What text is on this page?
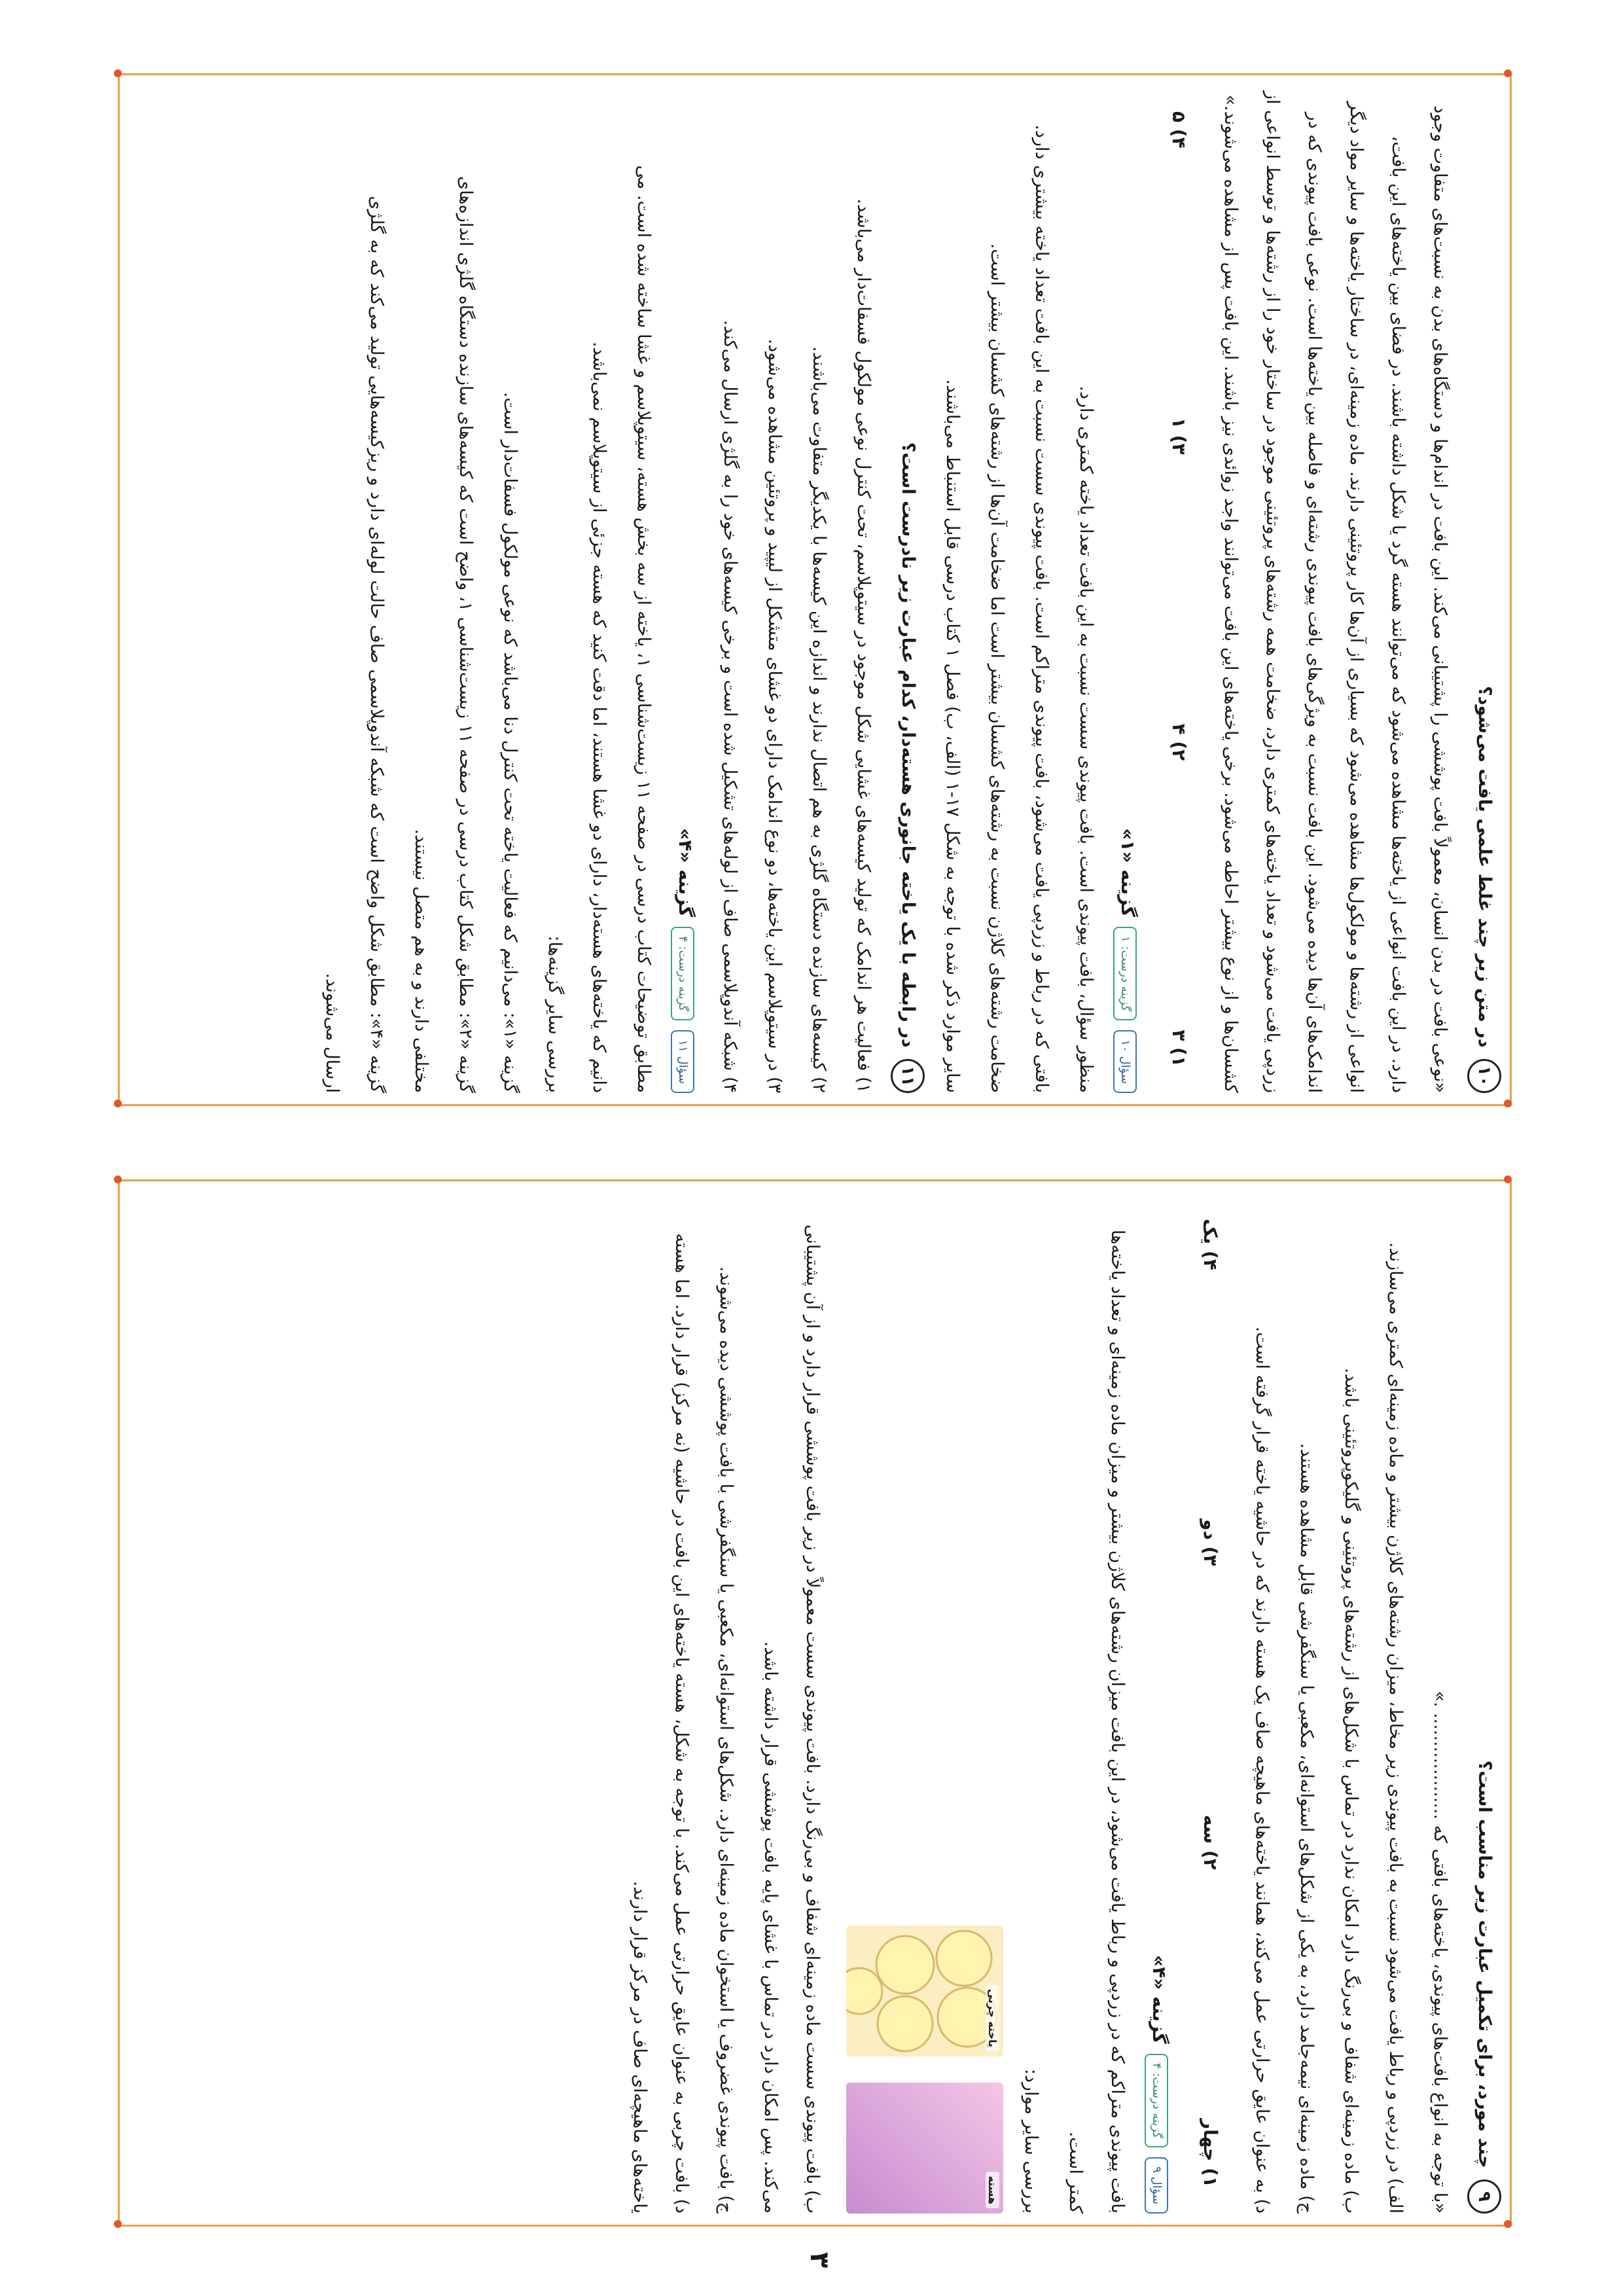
۱۰ در متن زیر چند غلط علمی یافت می‌شود؟

«نوعی بافت در بدن انسان، معمولاً بافت پوششی را پشتیبانی می‌کند. این بافت در اندام‌ها و دستگاه‌های بدن به نسبت‌های متفاوت وجود دارد. در این بافت انواعی از یاخته‌ها مشاهده می‌شود که می‌توانند هسته گرد یا شکل داشته باشند. در فضای بین یاخته‌های این بافت، انواعی از رشته‌ها و مولکول‌ها مشاهده می‌شود که بسیاری از آن‌ها کار پروتئینی دارند. ماده زمینه‌ای، در ساختار یاخته‌ها و سایر مواد دیگر اندامک‌های آن‌ها دیده می‌شود. این بافت نسبت به ویژگی‌های بافت پیوندی رشته‌ای و فاصله بین یاخته‌ها است. نوعی بافت پیوندی که در زردپی یافت می‌شود و تعداد یاخته‌های کمتری دارد، ضخامت همه رشته‌های پروتئینی موجود در ساختار خود را از رشته‌ها و توسط انواعی از کشسان‌ها و از نوع بیشتر احاطه می‌شود. برخی یاخته‌های این بافت می‌توانند واجد زوائدی نیز باشند. این بافت پس از مشاهده می‌شوند.»

۱) ۳
۲) ۴
۳) ۱
۴) ۵
سؤال ۱۰ گزینه درست: ۱ گزینه «۱»

منظور سؤال، بافت پیوندی است. بافت پیوندی سست نسبت به این بافت تعداد یاخته کمتری دارد.

بافتی که در رباط و زردپی یافت می‌شود، بافت پیوندی متراکم است. بافت پیوندی سست نسبت به این بافت تعداد یاخته بیشتری دارد.

ضخامت رشته‌های کلاژن نسبت به رشته‌های کشسان بیشتر است اما ضخامت آن‌ها از رشته‌های کشسان بیشتر است.

سایر موارد ذکر شده با توجه به شکل ۱۷-۱ (الف، ب) فصل ۱ کتاب درسی قابل استنباط می‌باشند.

۱۱ در رابطه با یک یاخته جانوری هسته‌دار، کدام عبارت زیر نادرست است؟

۱) فعالیت هر اندامک که تولید کیسه‌های غشایی شکل موجود در سیتوپلاسم، تحت کنترل نوعی مولکول فسفات‌دار می‌باشد.

۲) کیسه‌های سازنده دستگاه گلژی به هم اتصال ندارند و اندازه این کیسه‌ها با یکدیگر متفاوت می‌باشند.

۳) در سیتوپلاسم این یاخته‌ها، دو نوع اندامک دارای دو غشای متشکل از لیپید و پروتئین مشاهده می‌شود.

۴) شبکه آندوپلاسمی صاف از لوله‌های تشکیل شده است و برخی کیسه‌های خود را به گلژی ارسال می‌کند.

سؤال ۱۱ گزینه درست: ۴ گزینه «۴»

مطابق توضیحات کتاب درسی در صفحه ۱۱ زیست‌شناسی ۱، یاخته از سه بخش هسته، سیتوپلاسم و غشا ساخته شده است. می

دانیم که یاخته‌های هسته‌دار، دارای دو غشا هستند، اما دقت کنید که هسته جزئی از سیتوپلاسم نمی‌باشد.

بررسی سایر گزینه‌ها:

گزینه «۱»: می‌دانیم که فعالیت یاخته تحت کنترل دنا می‌باشد که نوعی مولکول فسفات‌دار است.

گزینه «۲»: مطابق شکل کتاب درسی در صفحه ۱۱ زیست‌شناسی ۱، واضح است که کیسه‌های سازنده دستگاه گلژی اندازه‌های

مختلفی دارند و به هم متصل نیستند.

گزینه «۴»: مطابق شکل واضح است که شبکه آندوپلاسمی صاف حالت لوله‌ای دارد و ریزکیسه‌هایی تولید می‌کند که به گلژی

ارسال می‌شوند.

۹ چند مورد، برای تکمیل عبارت زیر مناسب است؟

«با توجه به انواع بافت‌های پیوندی، یاخته‌های بافتی که ................... .»

الف) در زردپی و رباط یافت می‌شود نسبت به بافت پیوندی زیر مخاط، میزان رشته‌های کلاژن بیشتر و ماده زمینه‌ای کمتری می‌سازند.

ب) ماده زمینه‌ای شفاف و بی‌رنگ دارد امکان ندارد در تماس با شکل‌های از رشته‌های پروتئینی و گلیکوپروتئینی باشد.

ج) ماده زمینه‌ای نیمه‌جامد دارد، به یکی از شکل‌های استوانه‌ای، مکعبی یا سنگفرشی قابل مشاهده هستند.

د) به عنوان عایق حرارتی عمل می‌کند، همانند یاخته‌های ماهیچه صاف یک هسته دارند که در حاشیه یاخته قرار گرفته است.

۱) چهار
۲) سه
۳) دو
۴) یک
سؤال ۹ گزینه درست: ۴ گزینه «۴»

بافت پیوندی متراکم که در زردپی و رباط یافت می‌شود، در این بافت میزان رشته‌های کلاژن بیشتر و میزان ماده زمینه‌ای و تعداد یاخته‌ها کمتر است.

بررسی سایر موارد:

هسته
یاخته چربی

ب) بافت پیوندی سست ماده زمینه‌ای شفاف و بی‌رنگ دارد. بافت پیوندی سست معمولاً در زیر بافت پوششی قرار دارد و از آن پشتیبانی می‌کند. پس امکان دارد در تماس با غشای پایه بافت پوششی قرار داشته باشد.

ج) بافت پیوندی غضروف یا استخوان ماده زمینه‌ای دارد. شکل‌های استوانه‌ای، مکعبی یا سنگفرشی با بافت پوششی دیده می‌شوند.

د) بافت چربی به عنوان عایق حرارتی عمل می‌کند. با توجه به شکل، هسته یاخته‌های این بافت در حاشیه (نه مرکز) قرار دارد. اما هسته یاخته‌های ماهیچه‌ای صاف در مرکز قرار دارند.

۳
